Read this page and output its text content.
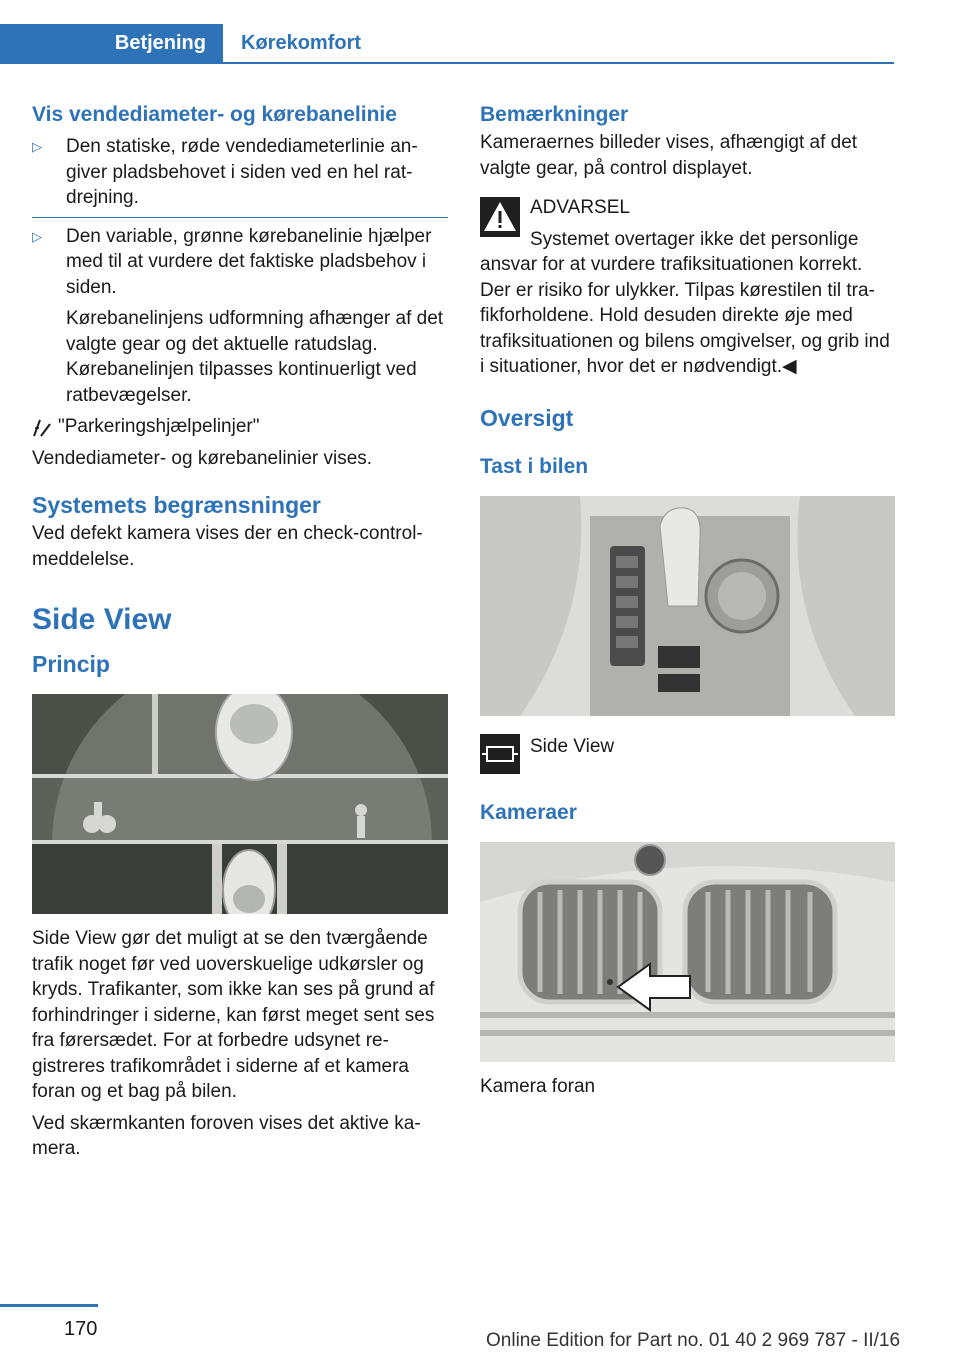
Betjening	Kørekomfort
Vis vendediameter- og kørebanelinie
▷ Den statiske, røde vendediameterlinie angiver pladsbehovet i siden ved en hel ratdrejning.

▷ Den variable, grønne kørebanelinie hjælper med til at vurdere det faktiske pladsbehov i siden.

Kørebanelinjens udformning afhænger af det valgte gear og det aktuelle ratudslag. Kørebanelinjen tilpasses kontinuerligt ved ratbevægelser.

"Parkeringshjælpelinjer"

Vendediameter- og kørebanelinier vises.

Systemets begrænsninger

Ved defekt kamera vises der en check-control-meddelelse.

Side View
Princip

Side View gør det muligt at se den tværgående trafik noget før ved uoverskuelige udkørsler og kryds. Trafikanter, som ikke kan ses på grund af forhindringer i siderne, kan først meget sent ses fra førersædet. For at forbedre udsynet registreres trafikområdet i siderne af et kamera foran og et bag på bilen.

Ved skærmkanten foroven vises det aktive kamera.

Bemærkninger

Kameraernes billeder vises, afhængigt af det valgte gear, på control displayet.

ADVARSEL

Systemet overtager ikke det personlige ansvar for at vurdere trafiksituationen korrekt. Der er risiko for ulykker. Tilpas kørestilen til trafikforholdene. Hold desuden direkte øje med trafiksituationen og bilens omgivelser, og grib ind i situationer, hvor det er nødvendigt.◀

Oversigt
Tast i bilen

Side View

Kameraer

Kamera foran

170
Online Edition for Part no. 01 40 2 969 787 - II/16
